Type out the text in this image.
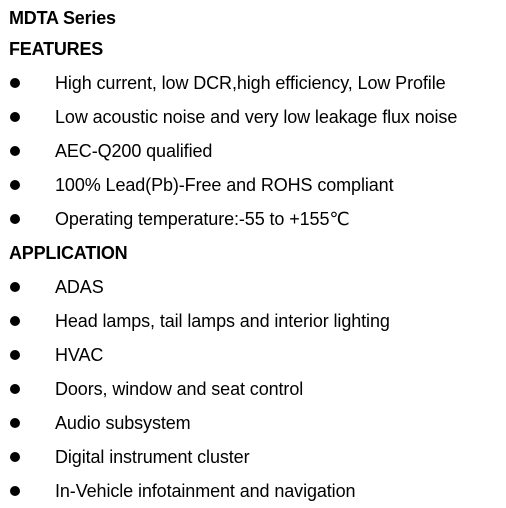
MDTA Series
FEATURES
High current, low DCR,high efficiency, Low Profile
Low acoustic noise and very low leakage flux noise
AEC-Q200 qualified
100% Lead(Pb)-Free and ROHS compliant
Operating temperature:-55 to +155℃
APPLICATION
ADAS
Head lamps, tail lamps and interior lighting
HVAC
Doors, window and seat control
Audio subsystem
Digital instrument cluster
In-Vehicle infotainment and navigation
